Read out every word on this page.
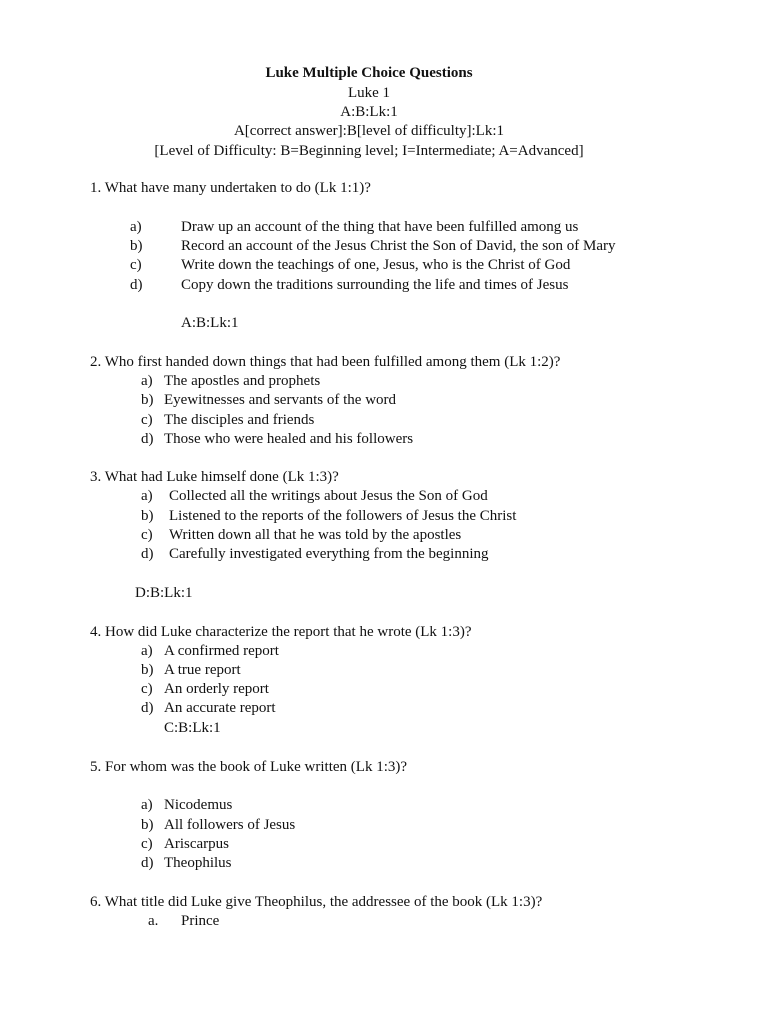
Luke Multiple Choice Questions
Luke 1
A:B:Lk:1
A[correct answer]:B[level of difficulty]:Lk:1
[Level of Difficulty: B=Beginning level; I=Intermediate; A=Advanced]
1. What have many undertaken to do (Lk 1:1)?
a)	Draw up an account of the thing that have been fulfilled among us
b)	Record an account of the Jesus Christ the Son of David, the son of Mary
c)	Write down the teachings of one, Jesus, who is the Christ of God
d)	Copy down the traditions surrounding the life and times of Jesus
A:B:Lk:1
2. Who first handed down things that had been fulfilled among them (Lk 1:2)?
a) The apostles and prophets
b) Eyewitnesses and servants of the word
c) The disciples and friends
d) Those who were healed and his followers
3. What had Luke himself done (Lk 1:3)?
a) Collected all the writings about Jesus the Son of God
b) Listened to the reports of the followers of Jesus the Christ
c) Written down all that he was told by the apostles
d) Carefully investigated everything from the beginning
D:B:Lk:1
4. How did Luke characterize the report that he wrote (Lk 1:3)?
a) A confirmed report
b) A true report
c) An orderly report
d) An accurate report
C:B:Lk:1
5. For whom was the book of Luke written (Lk 1:3)?
a) Nicodemus
b) All followers of Jesus
c) Ariscarpus
d) Theophilus
6. What title did Luke give Theophilus, the addressee of the book (Lk 1:3)?
a. Prince
